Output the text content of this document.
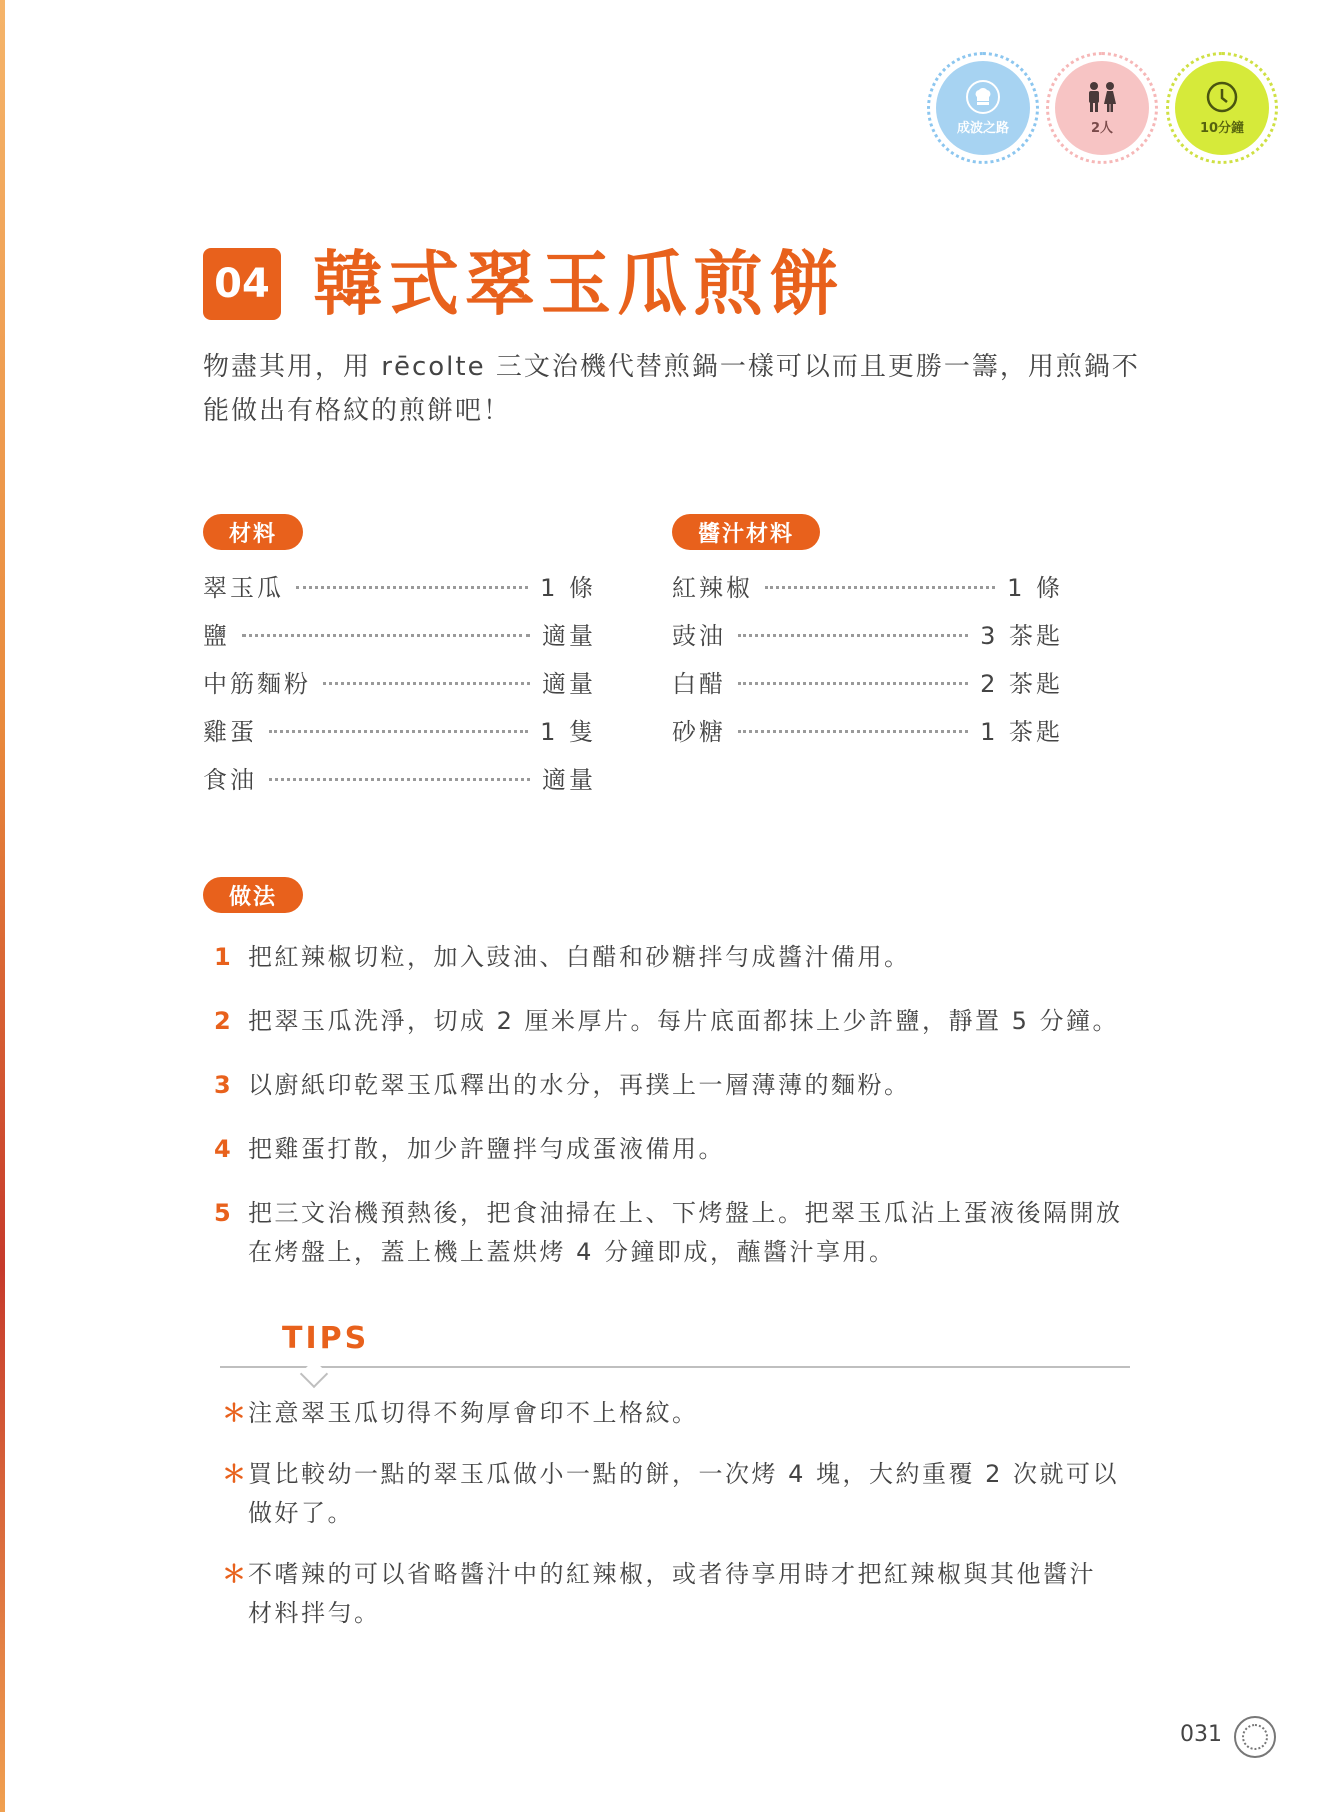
成波之路	2人	10分鐘
04 韓式翠玉瓜煎餅
物盡其用，用 rēcolte 三文治機代替煎鍋一樣可以而且更勝一籌，用煎鍋不能做出有格紋的煎餅吧！
材料	醬汁材料
翠玉瓜	1 條
鹽	適量
中筋麵粉	適量
雞蛋	1 隻
食油	適量
紅辣椒	1 條
豉油	3 茶匙
白醋	2 茶匙
砂糖	1 茶匙
做法
1 把紅辣椒切粒，加入豉油、白醋和砂糖拌勻成醬汁備用。
2 把翠玉瓜洗淨，切成 2 厘米厚片。每片底面都抹上少許鹽，靜置 5 分鐘。
3 以廚紙印乾翠玉瓜釋出的水分，再撲上一層薄薄的麵粉。
4 把雞蛋打散，加少許鹽拌勻成蛋液備用。
5 把三文治機預熱後，把食油掃在上、下烤盤上。把翠玉瓜沾上蛋液後隔開放在烤盤上，蓋上機上蓋烘烤 4 分鐘即成，蘸醬汁享用。
TIPS
＊ 注意翠玉瓜切得不夠厚會印不上格紋。
＊ 買比較幼一點的翠玉瓜做小一點的餅，一次烤 4 塊，大約重覆 2 次就可以做好了。
＊ 不嗜辣的可以省略醬汁中的紅辣椒，或者待享用時才把紅辣椒與其他醬汁材料拌勻。
031
